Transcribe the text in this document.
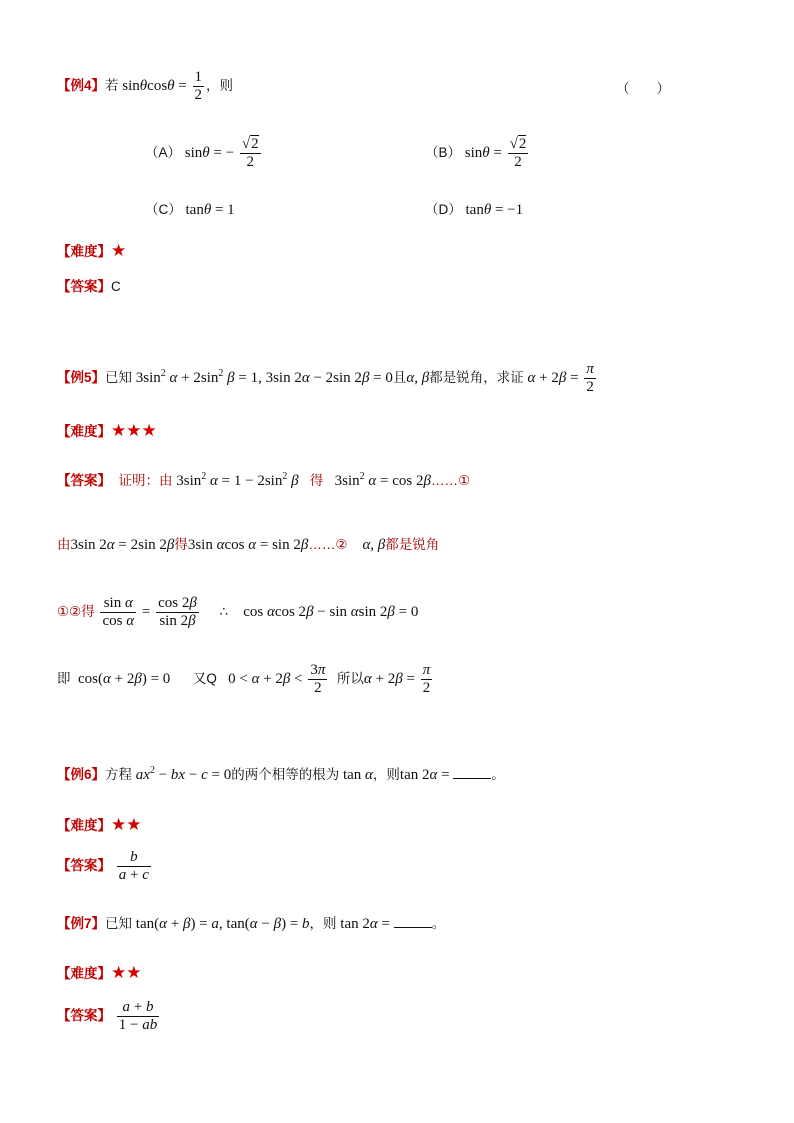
【例4】若 $\sin\theta\cos\theta = \frac{1}{2}$ ，则	（　　）
（A） sinθ = − $\frac{√2}{2}$	（B） $\sin\theta = \frac{√2}{2}$
（C） tanθ = 1	（D） tanθ = −1
【难度】★
【答案】C
【例5】已知 $3\sin^2$ $\alpha + 2\sin^2$ β = 1, 3sin 2α − 2sin 2β = 0且α, β都是锐角，求证 $\alpha + 2\beta = \frac{\pi}{2}$
【难度】★★★
【答案】 证明：由 $3\sin^2$ $\alpha = 1 - 2\sin^2$ β 得 $3\sin^2$ α = cos 2β……①
由3sin 2α = 2sin 2β得3sin αcos α = sin 2β……② α, β都是锐角
①②得 $\frac{\text{sin α}}{\text{cos α}} = \frac{\cos 2\beta}{\sin 2\beta}$ ∴ cos αcos 2β − sin αsin 2β = 0
即 cos(α + 2β) = 0 又Q $0 < \alpha + 2\beta < \frac{3\pi}{2}$ 所以$\alpha + 2\beta = \frac{\pi}{2}$
【例6】方程 $ax^2$ − bx − c = 0的两个相等的根为 tan α，则tan 2α =	。
【难度】★★
【答案】 $\frac{b}{a + c}$
【例7】已知 tan(α + β) = a, tan(α − β) = b，则 tan 2α =	。
【难度】★★
【答案】 $\frac{a + b}{1 - ab}$
